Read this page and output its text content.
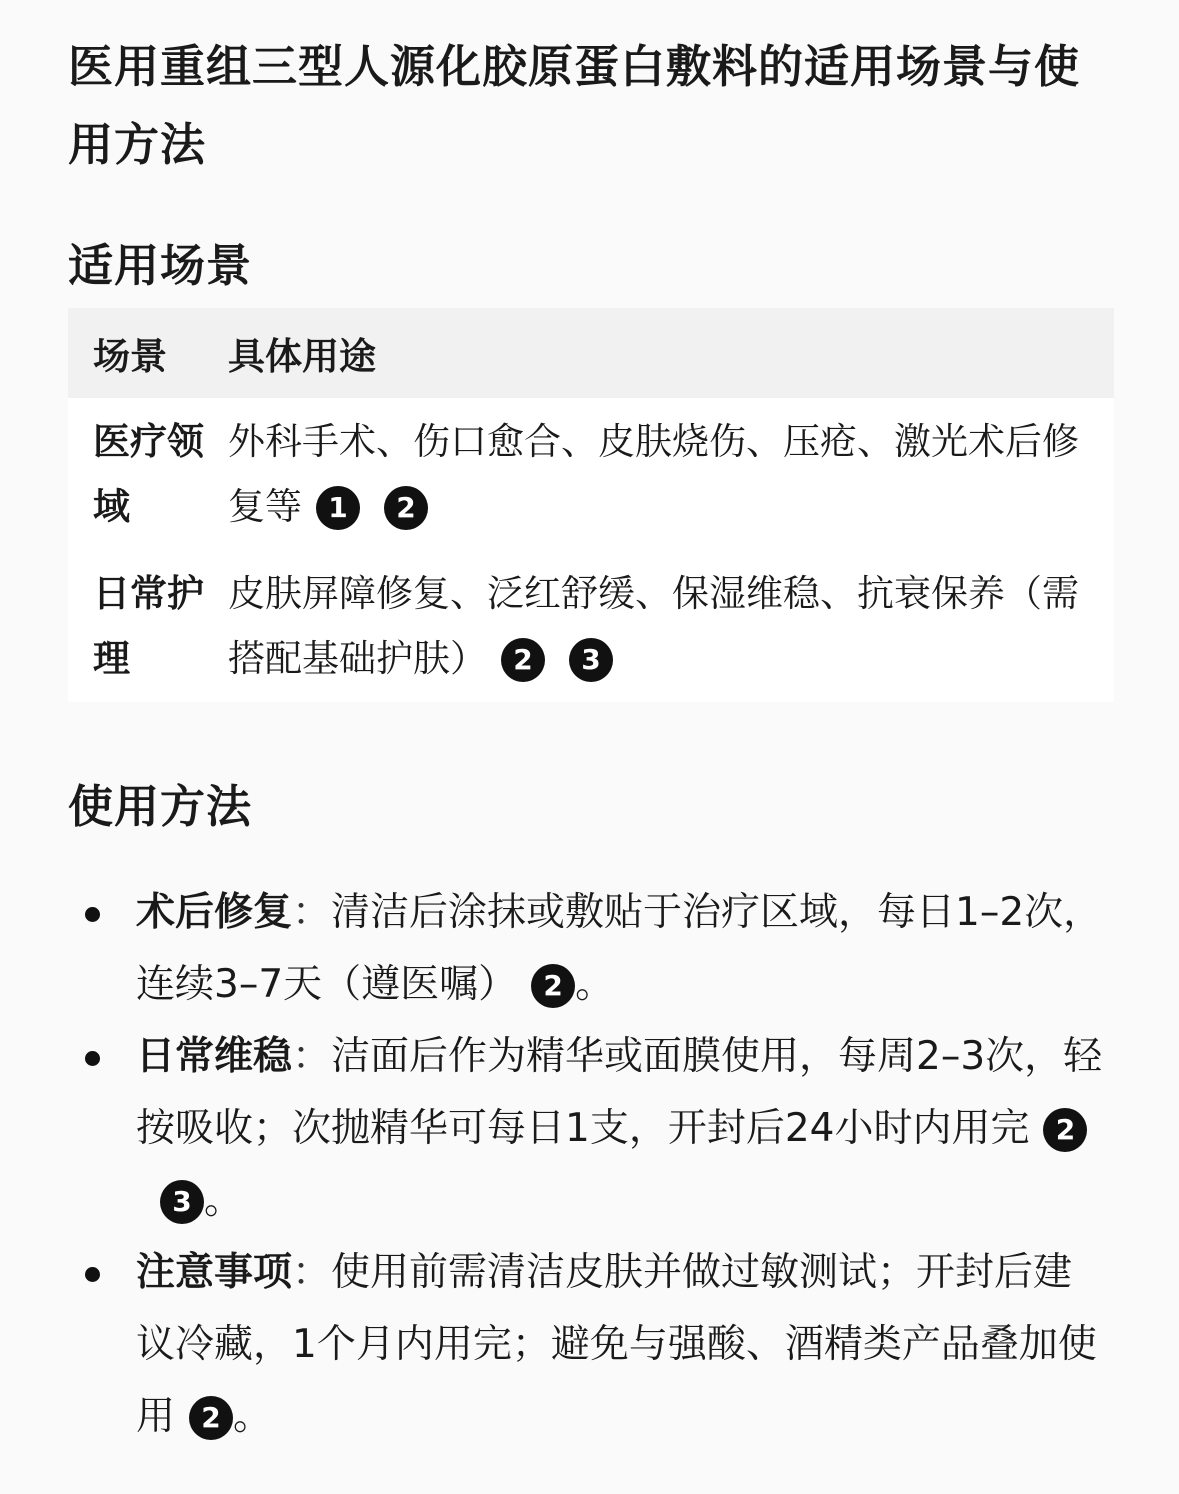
医用重组三型人源化胶原蛋白敷料的适用场景与使用方法
适用场景
场景	具体用途
医疗领域	外科手术、伤口愈合、皮肤烧伤、压疮、激光术后修复等 1 2
日常护理	皮肤屏障修复、泛红舒缓、保湿维稳、抗衰保养（需搭配基础护肤） 2 3
使用方法
术后修复：清洁后涂抹或敷贴于治疗区域，每日1–2次，连续3–7天（遵医嘱） 2 。
日常维稳：洁面后作为精华或面膜使用，每周2–3次，轻按吸收；次抛精华可每日1支，开封后24小时内用完 23 。
注意事项：使用前需清洁皮肤并做过敏测试；开封后建议冷藏，1个月内用完；避免与强酸、酒精类产品叠加使用 2 。
